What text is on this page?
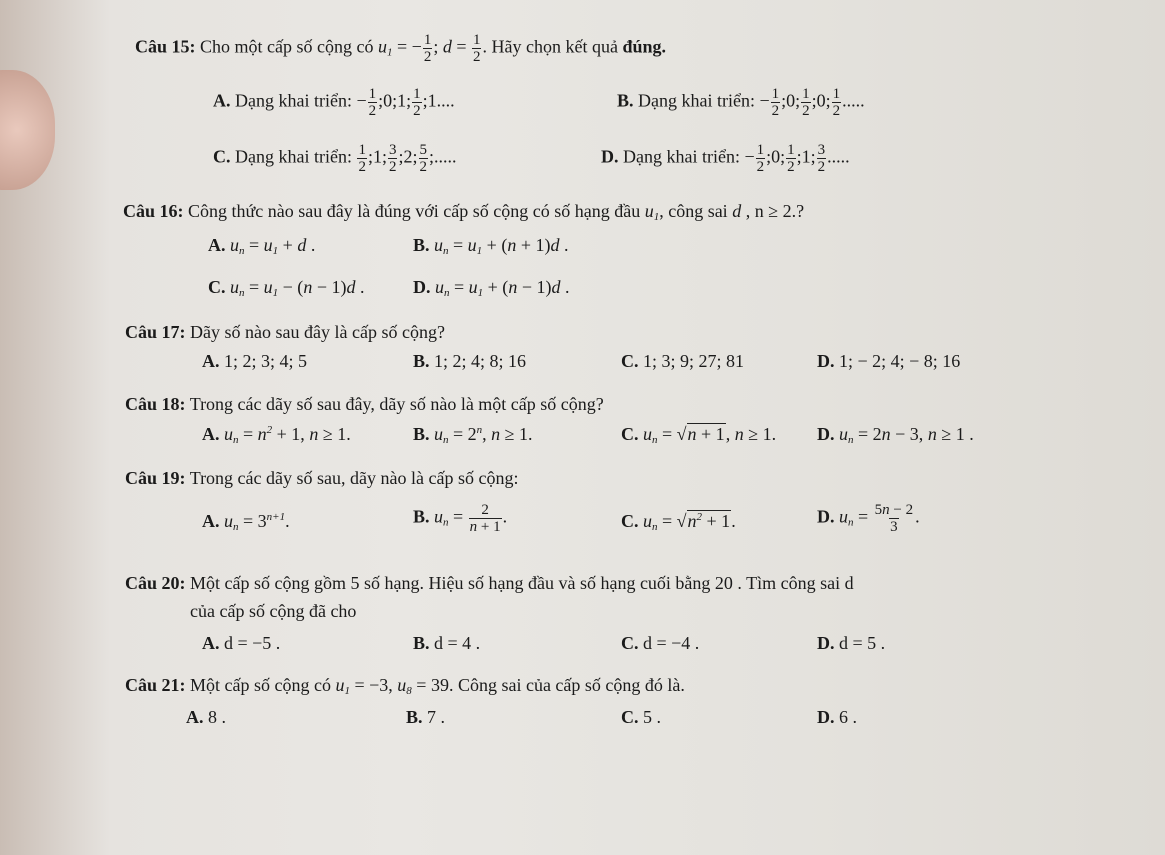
Câu 15: Cho một cấp số cộng có $u_1$ = − $\frac{1}{2}$ ; $d = \frac{1}{2}$ . Hãy chọn kết quả đúng.
A. Dạng khai triển: − $\frac{1}{2}$ ;0;1; $\frac{1}{2}$ ;1....	B. Dạng khai triển: − $\frac{1}{2}$ ;0; $\frac{1}{2}$ ;0; $\frac{1}{2}$ .....
C. Dạng khai triển: $\frac{1}{2}$ ;1; $\frac{3}{2}$ ;2; $\frac{5}{2}$ ;.....	D. Dạng khai triển: − $\frac{1}{2}$ ;0; $\frac{1}{2}$ ;1; $\frac{3}{2}$ .....
Câu 16: Công thức nào sau đây là đúng với cấp số cộng có số hạng đầu $u_1$, công sai d , n ≥ 2.?
A. $u_n = u_1 + d$ .	B. $u_n = u_1 + (n + 1)d$ .
C. $u_n = u_1 - (n - 1)d$ .	D. $u_n = u_1 + (n - 1)d$ .
Câu 17: Dãy số nào sau đây là cấp số cộng?
A. 1; 2; 3; 4; 5	B. 1; 2; 4; 8; 16	C. 1; 3; 9; 27; 81	D. 1; − 2; 4; − 8; 16
Câu 18: Trong các dãy số sau đây, dãy số nào là một cấp số cộng?
A. $u_n = n^2 + 1$, n ≥ 1.	B. $u_n = 2^n$, n ≥ 1.	C. $u_n = √n + 1$, n ≥ 1. D. $u_n = 2n - 3$, n ≥ 1 .
Câu 19: Trong các dãy số sau, dãy nào là cấp số cộng:
A. $u_n = 3^{n+1}$.	B. $u_n = \frac{2}{n + 1}$ .	C. $u_n = √n^2 + 1$.	D. $u_n = \frac{5n - 2}{3}$ .
Câu 20: Một cấp số cộng gồm 5 số hạng. Hiệu số hạng đầu và số hạng cuối bằng 20 . Tìm công sai d
của cấp số cộng đã cho
A. d = −5 .	B. d = 4 .	C. d = −4 .	D. d = 5 .
Câu 21: Một cấp số cộng có $u_1 = -3$, $u_8 = 39$. Công sai của cấp số cộng đó là.
A. 8 .	B. 7 .	C. 5 .	D. 6 .
